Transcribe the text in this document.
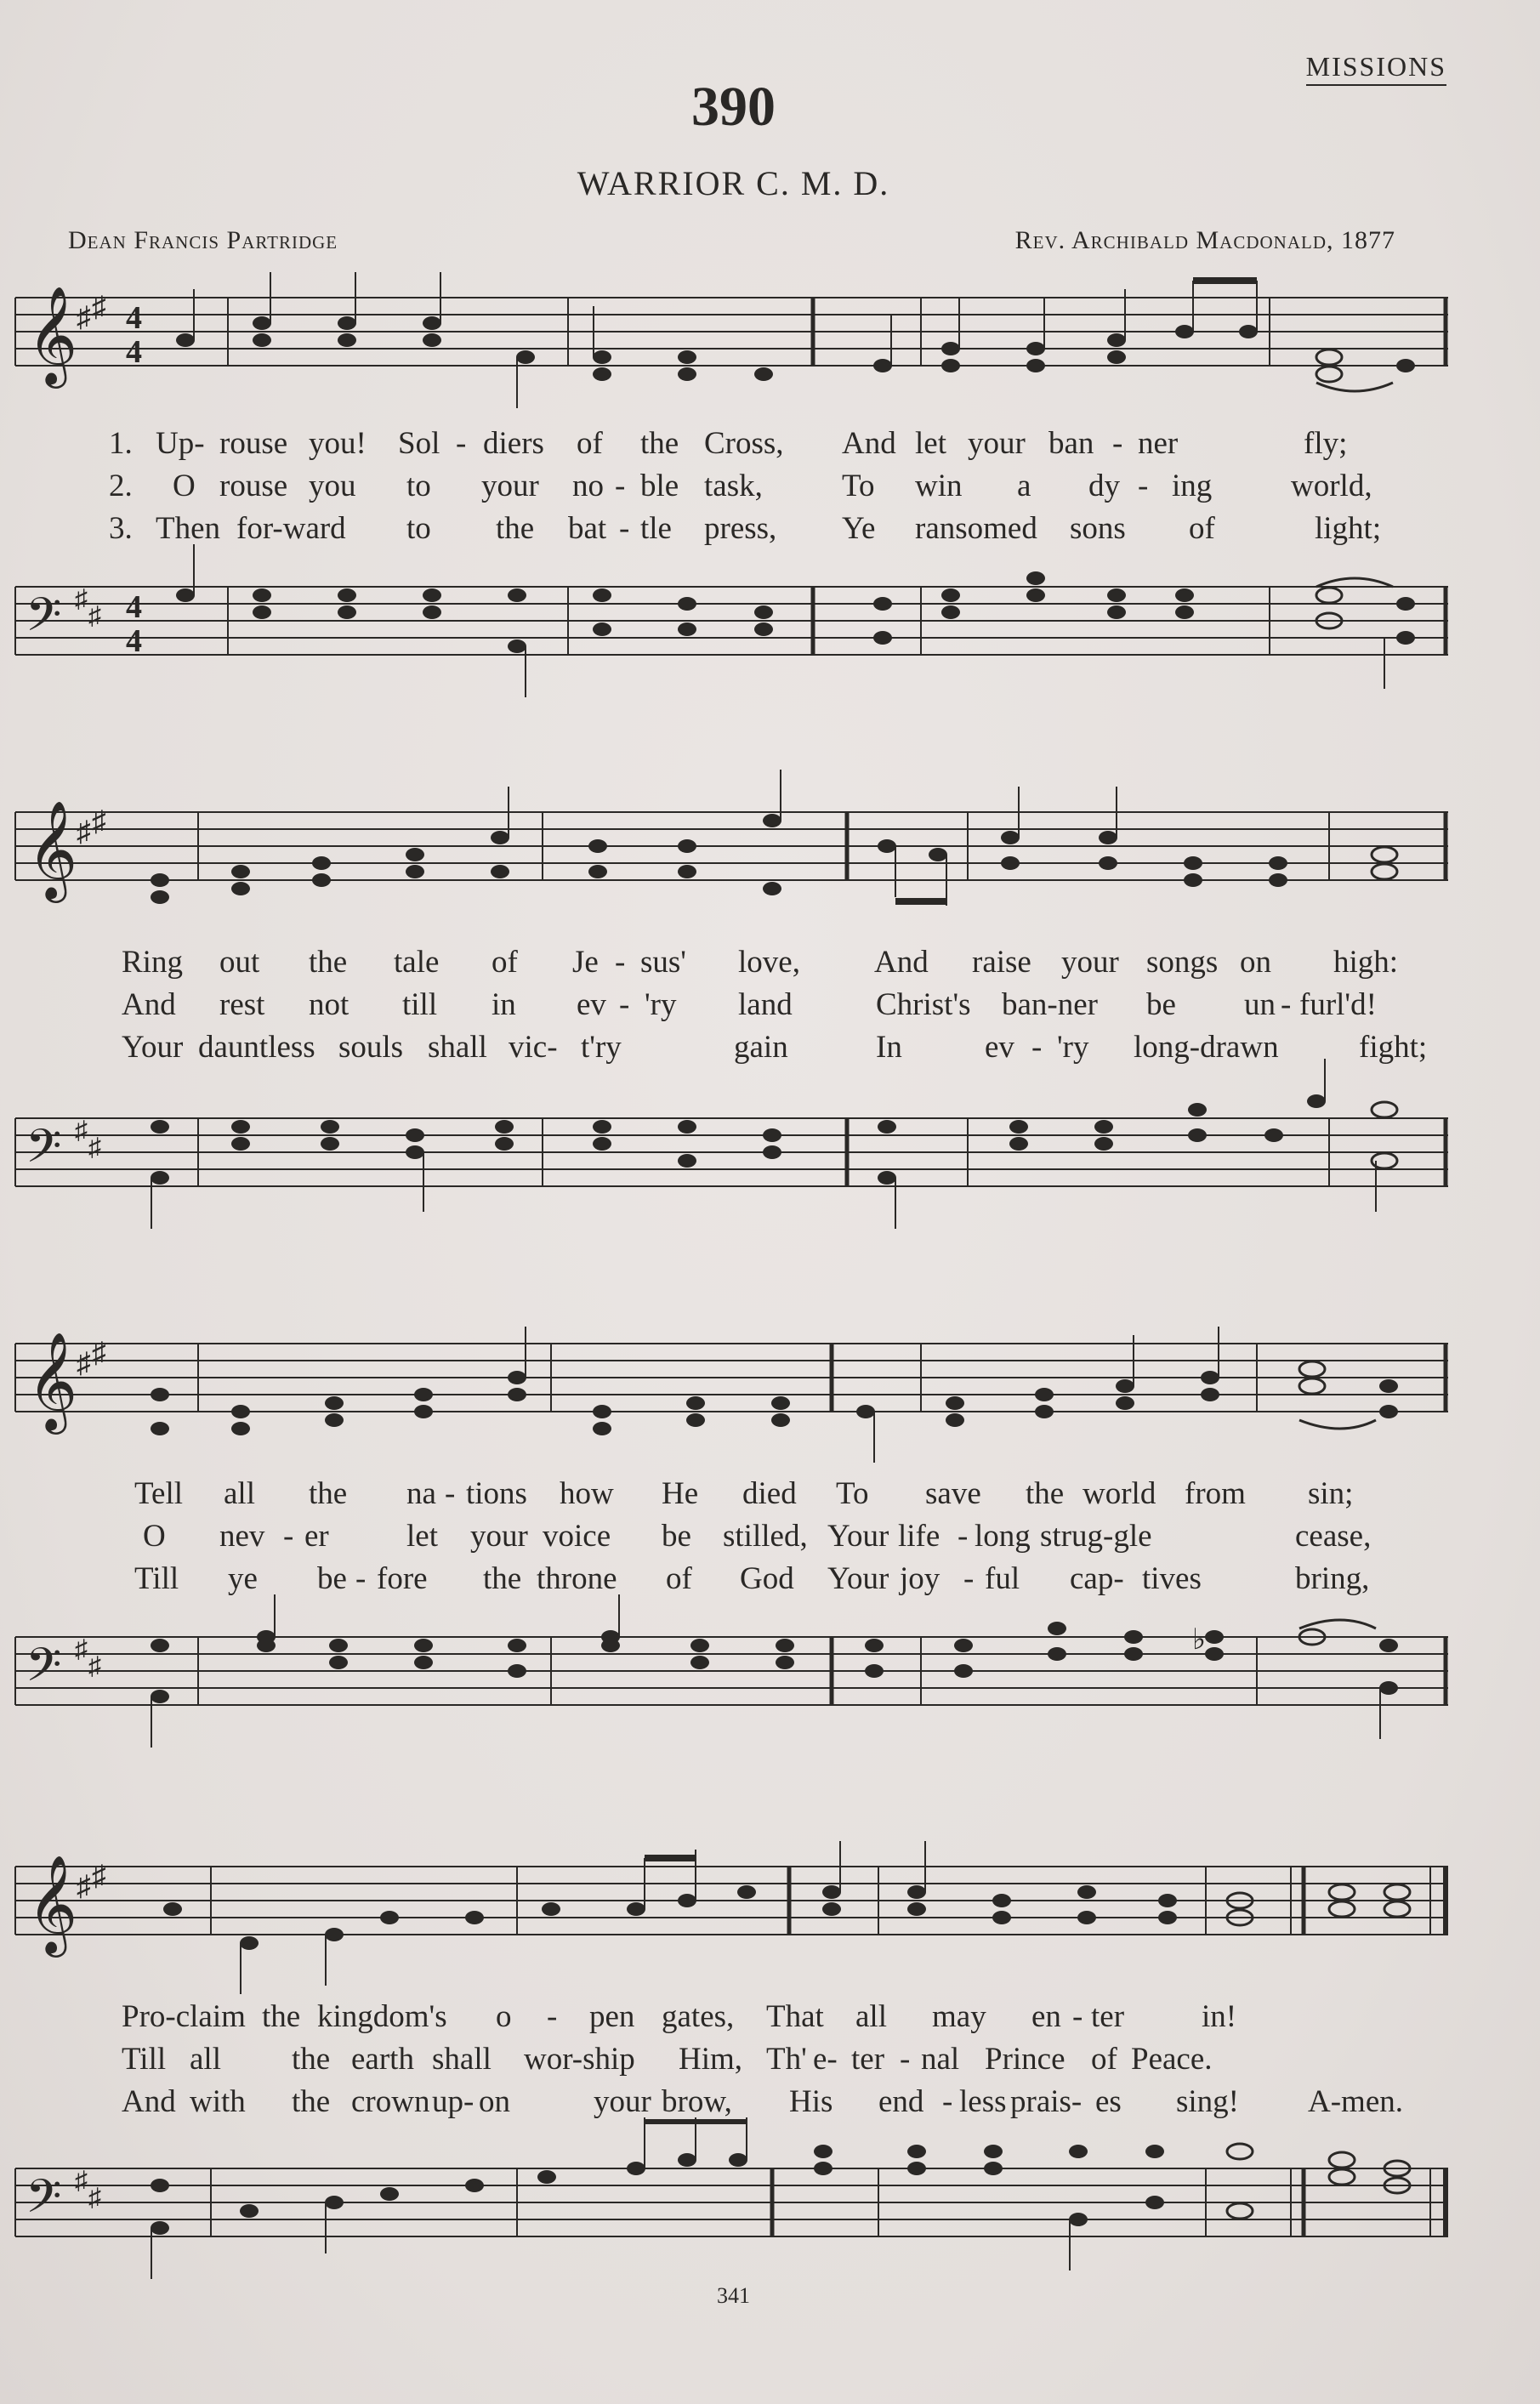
MISSIONS
390
WARRIOR C. M. D.
Dean Francis Partridge	Rev. Archibald Macdonald, 1877
𝄞
♯ ♯ 4
4
1. Up- rouse you! Sol - diers of the Cross, And let your ban - ner	fly;
2. O rouse you to your no - ble task,	To win a dy - ing	world,
3. Then for-ward to the bat - tle press, Ye ransomed sons of	light;
𝄢 ♯
♯ 4
4
𝄞
♯ ♯
Ring out the tale of Je - sus' love, And raise your songs on high:
And rest not till in ev - 'ry land	Christ's ban-ner be un - furl'd!
Your dauntless souls shall vic- t'ry	gain	In	ev - 'ry long-drawn	fight;
𝄢 ♯
♯
𝄞
♯ ♯
Tell all the na - tions how He died To save the world from sin;
O nev - er let your voice be stilled, Your life - long strug-gle	cease,
Till ye be - fore the throne of God Your joy - ful cap- tives	bring,
𝄢 ♯
♯
♭
𝄞
♯ ♯
Pro-claim the kingdom's o - pen gates, That all may en - ter in!
Till all the earth shall wor-ship Him, Th' e- ter - nal Prince of Peace.
And with the crown up- on	your brow, His end - less prais- es sing! A-men.
𝄢 ♯
♯
341
